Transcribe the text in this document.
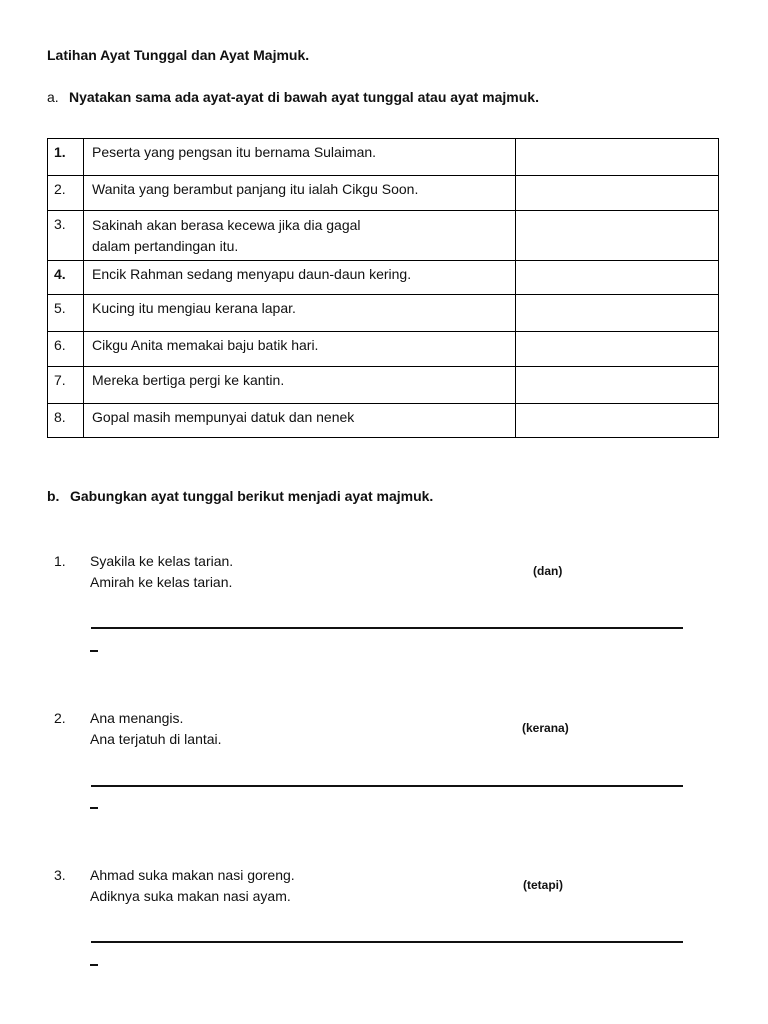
Latihan Ayat Tunggal dan Ayat Majmuk.
a. Nyatakan sama ada ayat-ayat di bawah ayat tunggal atau ayat majmuk.
1.	Peserta yang pengsan itu bernama Sulaiman.	
2.	Wanita yang berambut panjang itu ialah Cikgu Soon.	
3.	Sakinah akan berasa kecewa jika dia gagal
dalam pertandingan itu.	

4.	Encik Rahman sedang menyapu daun-daun kering.	
5.	Kucing itu mengiau kerana lapar.	
6.	Cikgu Anita memakai baju batik hari.	
7.	Mereka bertiga pergi ke kantin.	
8.	Gopal masih mempunyai datuk dan nenek	
b. Gabungkan ayat tunggal berikut menjadi ayat majmuk.
1. Syakila ke kelas tarian.
Amirah ke kelas tarian.
(dan)
2. Ana menangis.
Ana terjatuh di lantai.
(kerana)
3. Ahmad suka makan nasi goreng.
Adiknya suka makan nasi ayam.
(tetapi)
